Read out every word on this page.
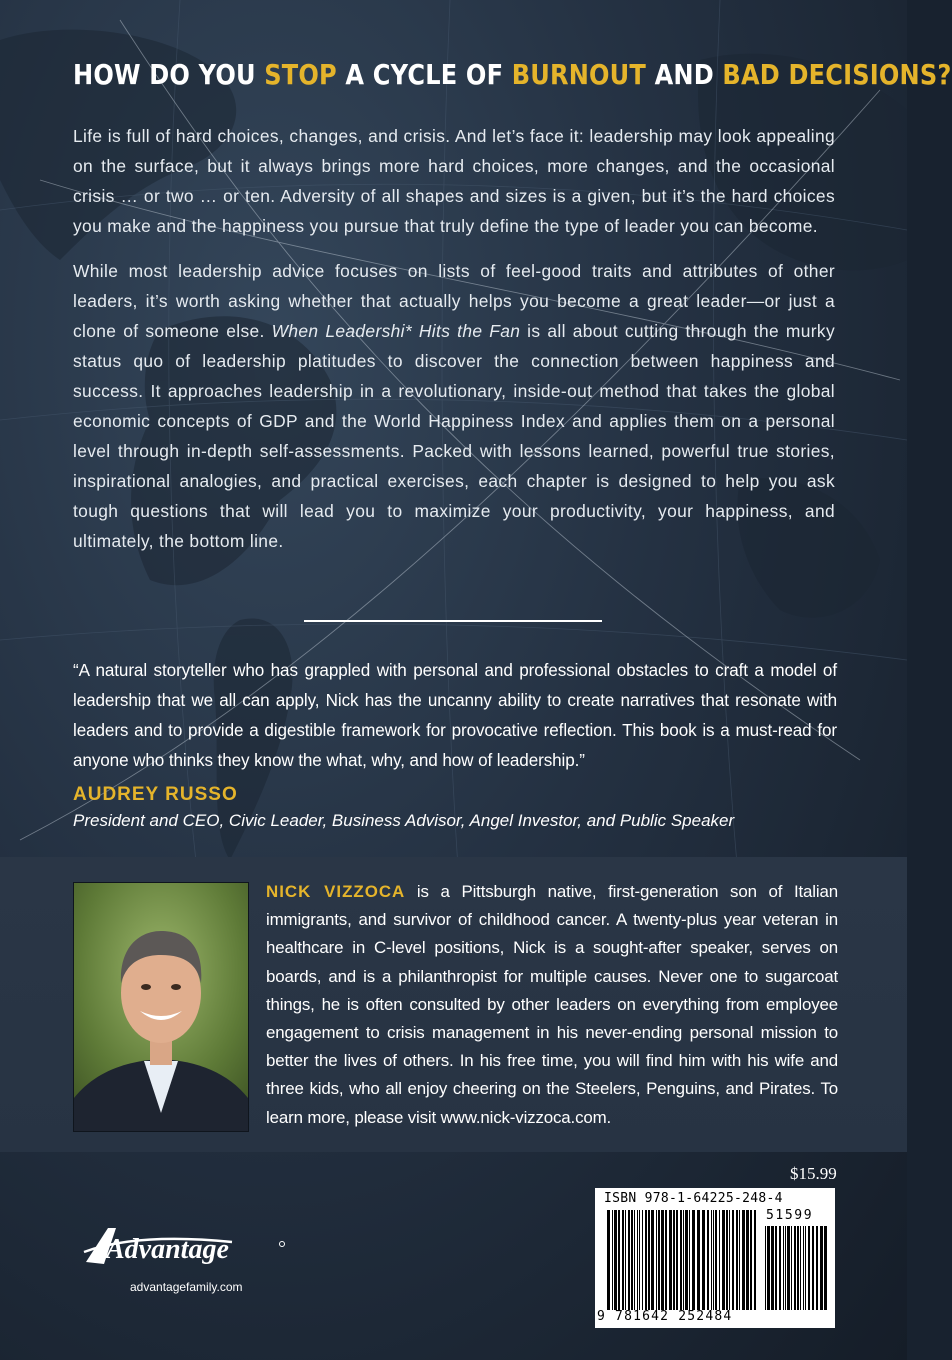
HOW DO YOU STOP A CYCLE OF BURNOUT AND BAD DECISIONS?

Life is full of hard choices, changes, and crisis. And let’s face it: leadership may look appealing on the surface, but it always brings more hard choices, more changes, and the occasional crisis … or two … or ten. Adversity of all shapes and sizes is a given, but it’s the hard choices you make and the happiness you pursue that truly define the type of leader you can become.

While most leadership advice focuses on lists of feel-good traits and attributes of other leaders, it’s worth asking whether that actually helps you become a great leader—or just a clone of someone else. When Leadershi* Hits the Fan is all about cutting through the murky status quo of leadership platitudes to discover the connection between happiness and success. It approaches leadership in a revolutionary, inside-out method that takes the global economic concepts of GDP and the World Happiness Index and applies them on a personal level through in-depth self-assessments. Packed with lessons learned, powerful true stories, inspirational analogies, and practical exercises, each chapter is designed to help you ask tough questions that will lead you to maximize your productivity, your happiness, and ultimately, the bottom line.

“A natural storyteller who has grappled with personal and professional obstacles to craft a model of leadership that we all can apply, Nick has the uncanny ability to create narratives that resonate with leaders and to provide a digestible framework for provocative reflection. This book is a must-read for anyone who thinks they know the what, why, and how of leadership.”

AUDREY RUSSO

President and CEO, Civic Leader, Business Advisor, Angel Investor, and Public Speaker

NICK VIZZOCA is a Pittsburgh native, first-generation son of Italian immigrants, and survivor of childhood cancer. A twenty-plus year veteran in healthcare in C-level positions, Nick is a sought-after speaker, serves on boards, and is a philanthropist for multiple causes. Never one to sugarcoat things, he is often consulted by other leaders on everything from employee engagement to crisis management in his never-ending personal mission to better the lives of others. In his free time, you will find him with his wife and three kids, who all enjoy cheering on the Steelers, Penguins, and Pirates. To learn more, please visit www.nick-vizzoca.com.

Advantage

advantagefamily.com

$15.99

ISBN 978-1-64225-248-4

51599

9 781642 252484
